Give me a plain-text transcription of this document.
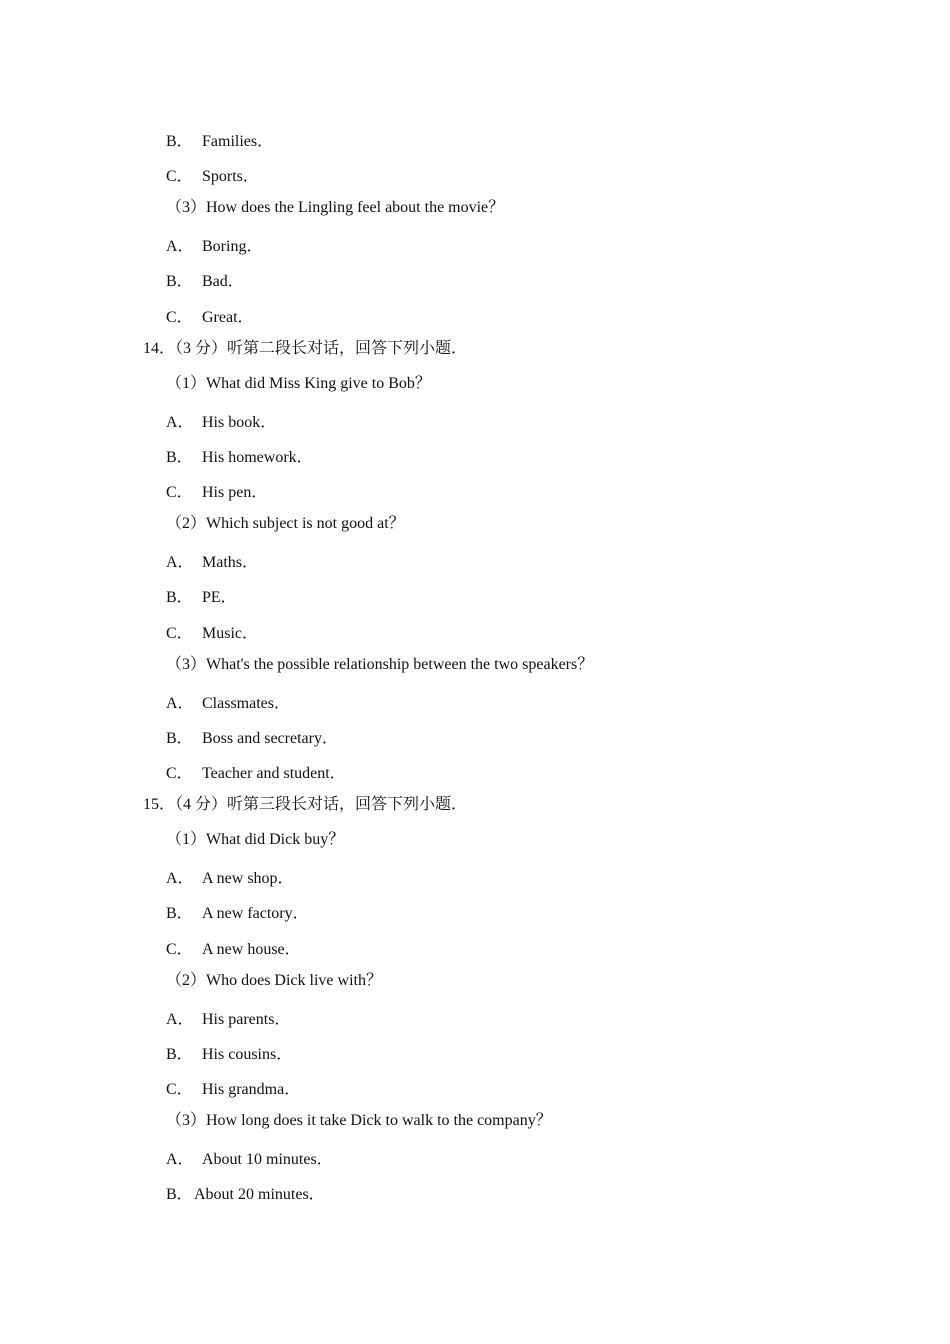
B． Families．
C． Sports．
（3）How does the Lingling feel about the movie？
A． Boring．
B． Bad．
C． Great．
14．（3 分）听第二段长对话，回答下列小题．
（1）What did Miss King give to Bob？
A． His book．
B． His homework．
C． His pen．
（2）Which subject is not good at？
A． Maths．
B． PE．
C． Music．
（3）What's the possible relationship between the two speakers？
A． Classmates．
B． Boss and secretary．
C． Teacher and student．
15．（4 分）听第三段长对话，回答下列小题．
（1）What did Dick buy？
A． A new shop．
B． A new factory．
C． A new house．
（2）Who does Dick live with？
A． His parents．
B． His cousins．
C． His grandma．
（3）How long does it take Dick to walk to the company？
A． About 10 minutes．
B． About 20 minutes．
